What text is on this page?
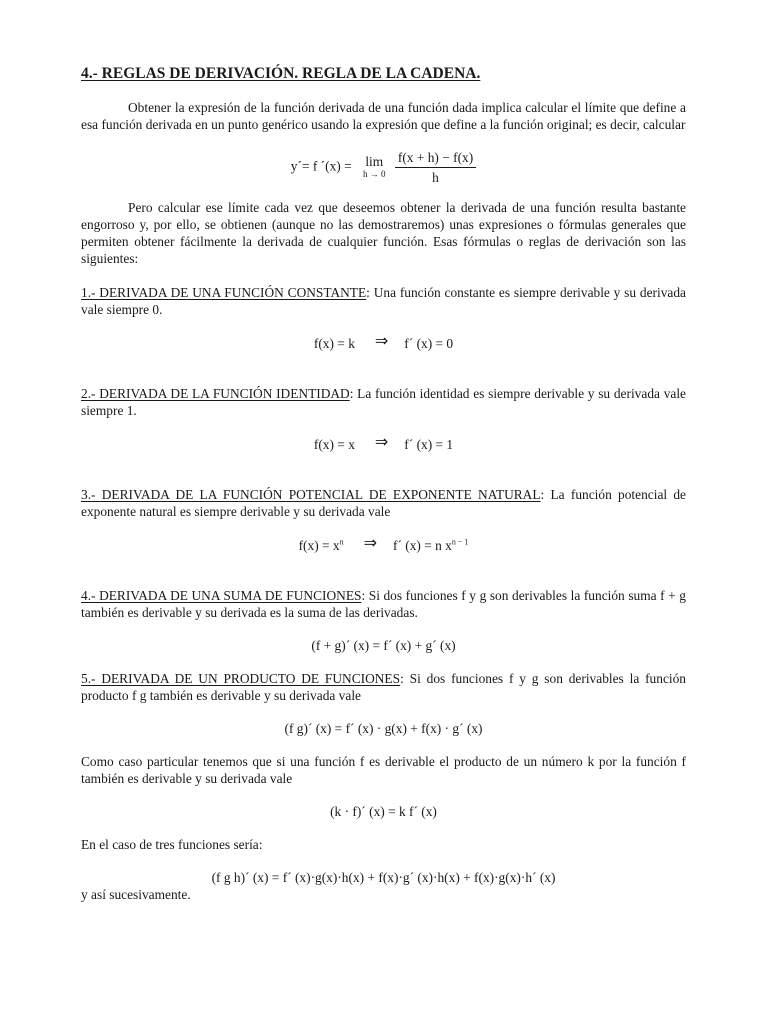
4.- REGLAS DE DERIVACIÓN. REGLA DE LA CADENA.

Obtener la expresión de la función derivada de una función dada implica calcular el límite que define a esa función derivada en un punto genérico usando la expresión que define a la función original; es decir, calcular

y´= f ´(x) = lim
h → 0
$\frac{f(x + h) - f(x)}{h}$

Pero calcular ese límite cada vez que deseemos obtener la derivada de una función resulta bastante engorroso y, por ello, se obtienen (aunque no las demostraremos) unas expresiones o fórmulas generales que permiten obtener fácilmente la derivada de cualquier función. Esas fórmulas o reglas de derivación son las siguientes:

1.- DERIVADA DE UNA FUNCIÓN CONSTANTE: Una función constante es siempre derivable y su derivada vale siempre 0.

f(x) = k ⇒ f´ (x) = 0

2.- DERIVADA DE LA FUNCIÓN IDENTIDAD: La función identidad es siempre derivable y su derivada vale siempre 1.

f(x) = x ⇒ f´ (x) = 1

3.- DERIVADA DE LA FUNCIÓN POTENCIAL DE EXPONENTE NATURAL: La función potencial de exponente natural es siempre derivable y su derivada vale

$f(x) = x^n$ ⇒ f´ (x) = n $x^{n - 1}$

4.- DERIVADA DE UNA SUMA DE FUNCIONES: Si dos funciones f y g son derivables la función suma f + g también es derivable y su derivada es la suma de las derivadas.

(f + g)´ (x) = f´ (x) + g´ (x)

5.- DERIVADA DE UN PRODUCTO DE FUNCIONES: Si dos funciones f y g son derivables la función producto f g también es derivable y su derivada vale

(f g)´ (x) = f´ (x) · g(x) + f(x) · g´ (x)

Como caso particular tenemos que si una función f es derivable el producto de un número k por la función f también es derivable y su derivada vale

(k · f)´ (x) = k f´ (x)

En el caso de tres funciones sería:

(f g h)´ (x) = f´ (x)·g(x)·h(x) + f(x)·g´ (x)·h(x) + f(x)·g(x)·h´ (x)

y así sucesivamente.
